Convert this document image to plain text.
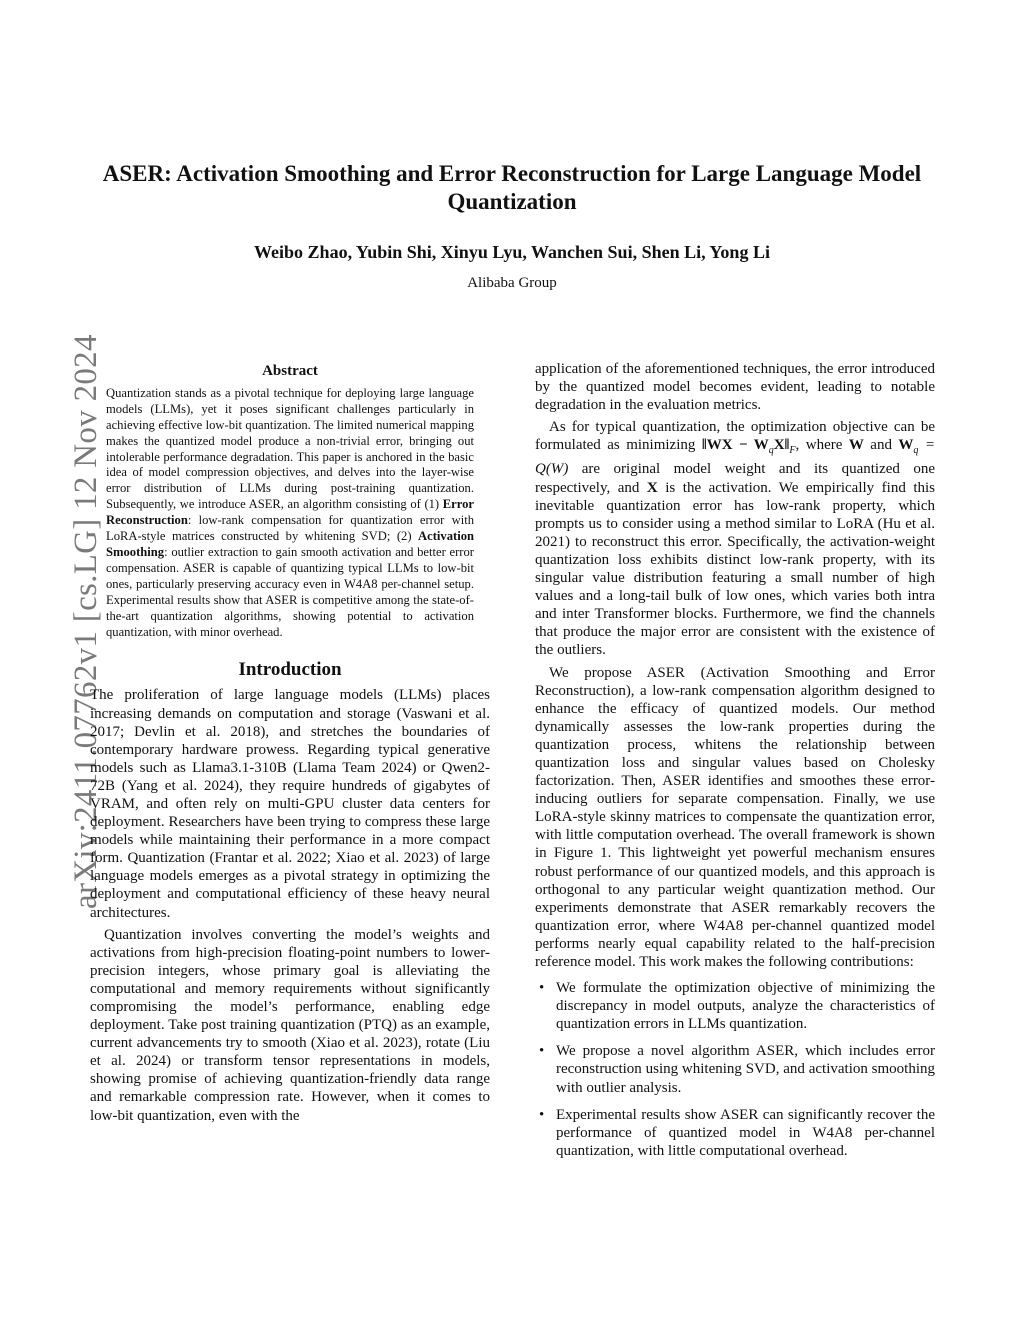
arXiv:2411.07762v1 [cs.LG] 12 Nov 2024
ASER: Activation Smoothing and Error Reconstruction for Large Language Model Quantization
Weibo Zhao, Yubin Shi, Xinyu Lyu, Wanchen Sui, Shen Li, Yong Li
Alibaba Group
Abstract

Quantization stands as a pivotal technique for deploying large language models (LLMs), yet it poses significant challenges particularly in achieving effective low-bit quantization. The limited numerical mapping makes the quantized model produce a non-trivial error, bringing out intolerable performance degradation. This paper is anchored in the basic idea of model compression objectives, and delves into the layer-wise error distribution of LLMs during post-training quantization. Subsequently, we introduce ASER, an algorithm consisting of (1) Error Reconstruction: low-rank compensation for quantization error with LoRA-style matrices constructed by whitening SVD; (2) Activation Smoothing: outlier extraction to gain smooth activation and better error compensation. ASER is capable of quantizing typical LLMs to low-bit ones, particularly preserving accuracy even in W4A8 per-channel setup. Experimental results show that ASER is competitive among the state-of-the-art quantization algorithms, showing potential to activation quantization, with minor overhead.

Introduction

The proliferation of large language models (LLMs) places increasing demands on computation and storage (Vaswani et al. 2017; Devlin et al. 2018), and stretches the boundaries of contemporary hardware prowess. Regarding typical generative models such as Llama3.1-310B (Llama Team 2024) or Qwen2-72B (Yang et al. 2024), they require hundreds of gigabytes of VRAM, and often rely on multi-GPU cluster data centers for deployment. Researchers have been trying to compress these large models while maintaining their performance in a more compact form. Quantization (Frantar et al. 2022; Xiao et al. 2023) of large language models emerges as a pivotal strategy in optimizing the deployment and computational efficiency of these heavy neural architectures.

Quantization involves converting the model’s weights and activations from high-precision floating-point numbers to lower-precision integers, whose primary goal is alleviating the computational and memory requirements without significantly compromising the model’s performance, enabling edge deployment. Take post training quantization (PTQ) as an example, current advancements try to smooth (Xiao et al. 2023), rotate (Liu et al. 2024) or transform tensor representations in models, showing promise of achieving quantization-friendly data range and remarkable compression rate. However, when it comes to low-bit quantization, even with the

application of the aforementioned techniques, the error introduced by the quantized model becomes evident, leading to notable degradation in the evaluation metrics.

As for typical quantization, the optimization objective can be formulated as minimizing ‖WX − $W_qX‖_F$, where W and $W_q = Q(W)$ are original model weight and its quantized one respectively, and X is the activation. We empirically find this inevitable quantization error has low-rank property, which prompts us to consider using a method similar to LoRA (Hu et al. 2021) to reconstruct this error. Specifically, the activation-weight quantization loss exhibits distinct low-rank property, with its singular value distribution featuring a small number of high values and a long-tail bulk of low ones, which varies both intra and inter Transformer blocks. Furthermore, we find the channels that produce the major error are consistent with the existence of the outliers.

We propose ASER (Activation Smoothing and Error Reconstruction), a low-rank compensation algorithm designed to enhance the efficacy of quantized models. Our method dynamically assesses the low-rank properties during the quantization process, whitens the relationship between quantization loss and singular values based on Cholesky factorization. Then, ASER identifies and smoothes these error-inducing outliers for separate compensation. Finally, we use LoRA-style skinny matrices to compensate the quantization error, with little computation overhead. The overall framework is shown in Figure 1. This lightweight yet powerful mechanism ensures robust performance of our quantized models, and this approach is orthogonal to any particular weight quantization method. Our experiments demonstrate that ASER remarkably recovers the quantization error, where W4A8 per-channel quantized model performs nearly equal capability related to the half-precision reference model. This work makes the following contributions:

• We formulate the optimization objective of minimizing the discrepancy in model outputs, analyze the characteristics of quantization errors in LLMs quantization.
• We propose a novel algorithm ASER, which includes error reconstruction using whitening SVD, and activation smoothing with outlier analysis.
• Experimental results show ASER can significantly recover the performance of quantized model in W4A8 per-channel quantization, with little computational overhead.
